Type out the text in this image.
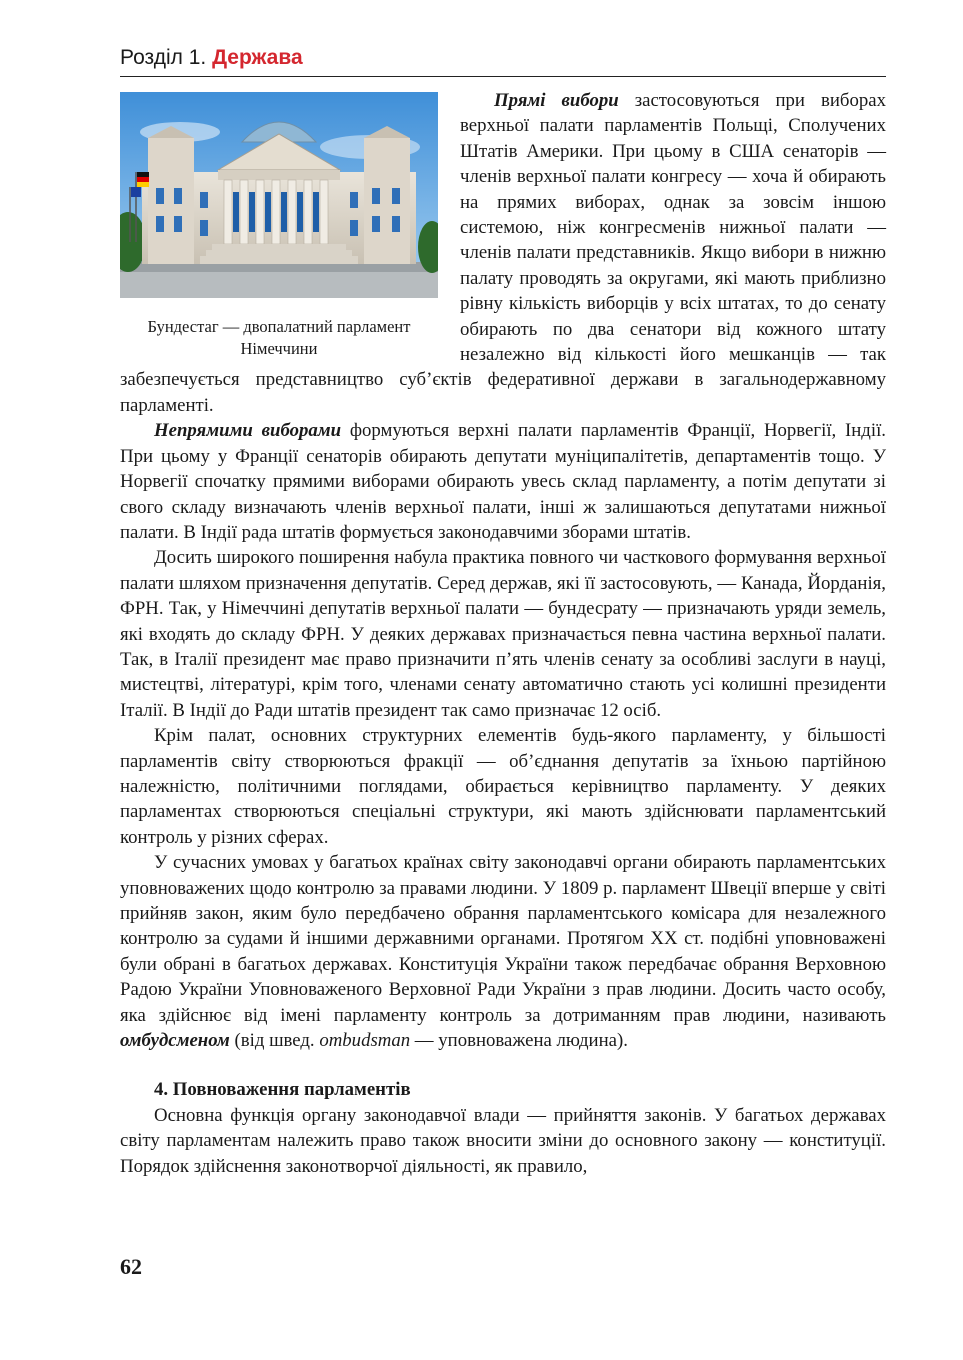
Розділ 1. Держава
Бундестаг — двопалатний парламент Німеччини

Прямі вибори застосовуються при виборах верхньої палати парламентів Польщі, Сполучених Штатів Америки. При цьому в США сенаторів — членів верхньої палати конгресу — хоча й обирають на прямих виборах, однак за зовсім іншою системою, ніж конгресменів нижньої палати — членів палати представників. Якщо вибори в нижню палату проводять за округами, які мають приблизно рівну кількість виборців у всіх штатах, то до сенату обирають по два сенатори від кожного штату незалежно від кількості його мешканців — так забезпечується представництво суб’єктів федеративної держави в загальнодержавному парламенті.

Непрямими виборами формуються верхні палати парламентів Франції, Норвегії, Індії. При цьому у Франції сенаторів обирають депутати муніципалітетів, департаментів тощо. У Норвегії спочатку прямими виборами обирають увесь склад парламенту, а потім депутати зі свого складу визначають членів верхньої палати, інші ж залишаються депутатами нижньої палати. В Індії рада штатів формується законодавчими зборами штатів.

Досить широкого поширення набула практика повного чи часткового формування верхньої палати шляхом призначення депутатів. Серед держав, які її застосовують, — Канада, Йорданія, ФРН. Так, у Німеччині депутатів верхньої палати — бундесрату — призначають уряди земель, які входять до складу ФРН. У деяких державах призначається певна частина верхньої палати. Так, в Італії президент має право призначити п’ять членів сенату за особливі заслуги в науці, мистецтві, літературі, крім того, членами сенату автоматично стають усі колишні президенти Італії. В Індії до Ради штатів президент так само призначає 12 осіб.

Крім палат, основних структурних елементів будь-якого парламенту, у більшості парламентів світу створюються фракції — об’єднання депутатів за їхньою партійною належністю, політичними поглядами, обирається керівництво парламенту. У деяких парламентах створюються спеціальні структури, які мають здійснювати парламентський контроль у різних сферах.

У сучасних умовах у багатьох країнах світу законодавчі органи обирають парламентських уповноважених щодо контролю за правами людини. У 1809 р. парламент Швеції вперше у світі прийняв закон, яким було передбачено обрання парламентського комісара для незалежного контролю за судами й іншими державними органами. Протягом XX ст. подібні уповноважені були обрані в багатьох державах. Конституція України також передбачає обрання Верховною Радою України Уповноваженого Верховної Ради України з прав людини. Досить часто особу, яка здійснює від імені парламенту контроль за дотриманням прав людини, називають омбудсменом (від швед. ombudsman — уповноважена людина).

4. Повноваження парламентів

Основна функція органу законодавчої влади — прийняття законів. У багатьох державах світу парламентам належить право також вносити зміни до основного закону — конституції. Порядок здійснення законотворчої діяльності, як правило,

62
